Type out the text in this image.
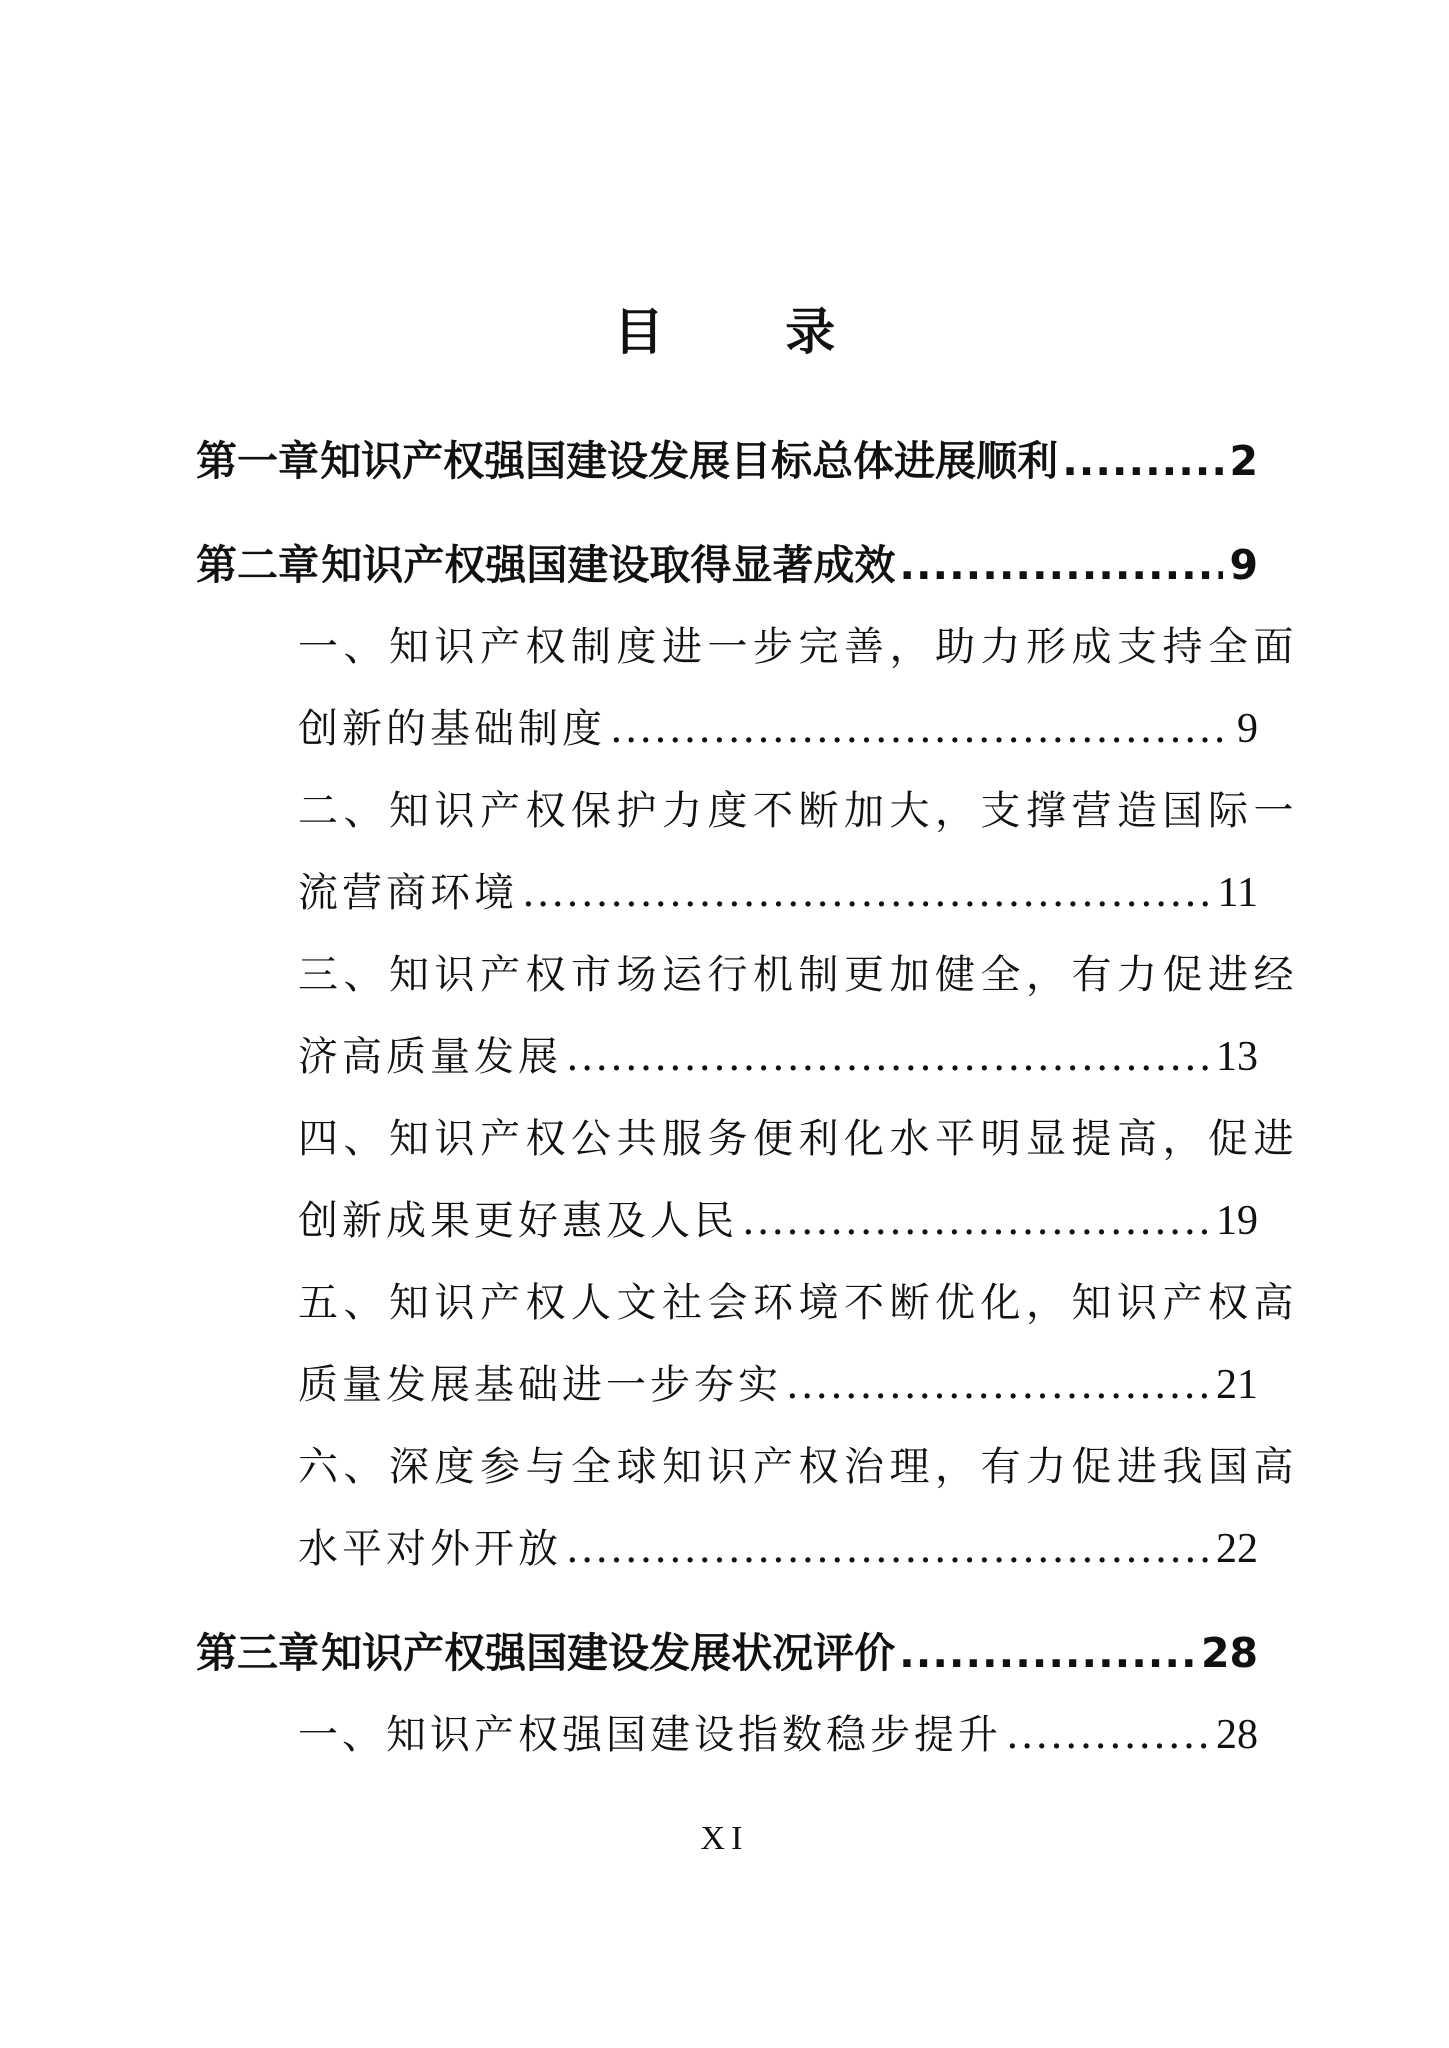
目 录
第一章 知识产权强国建设发展目标总体进展顺利 .....	2
第二章 知识产权强国建设取得显著成效 .....	9
一、知识产权制度进一步完善，助力形成支持全面
创新的基础制度 .....	9
二、知识产权保护力度不断加大，支撑营造国际一
流营商环境 .....	11
三、知识产权市场运行机制更加健全，有力促进经
济高质量发展 .....	13
四、知识产权公共服务便利化水平明显提高，促进
创新成果更好惠及人民 .....	19
五、知识产权人文社会环境不断优化，知识产权高
质量发展基础进一步夯实 .....	21
六、深度参与全球知识产权治理，有力促进我国高
水平对外开放 .....	22
第三章 知识产权强国建设发展状况评价 .....	28
一、知识产权强国建设指数稳步提升 .....	28
XI
